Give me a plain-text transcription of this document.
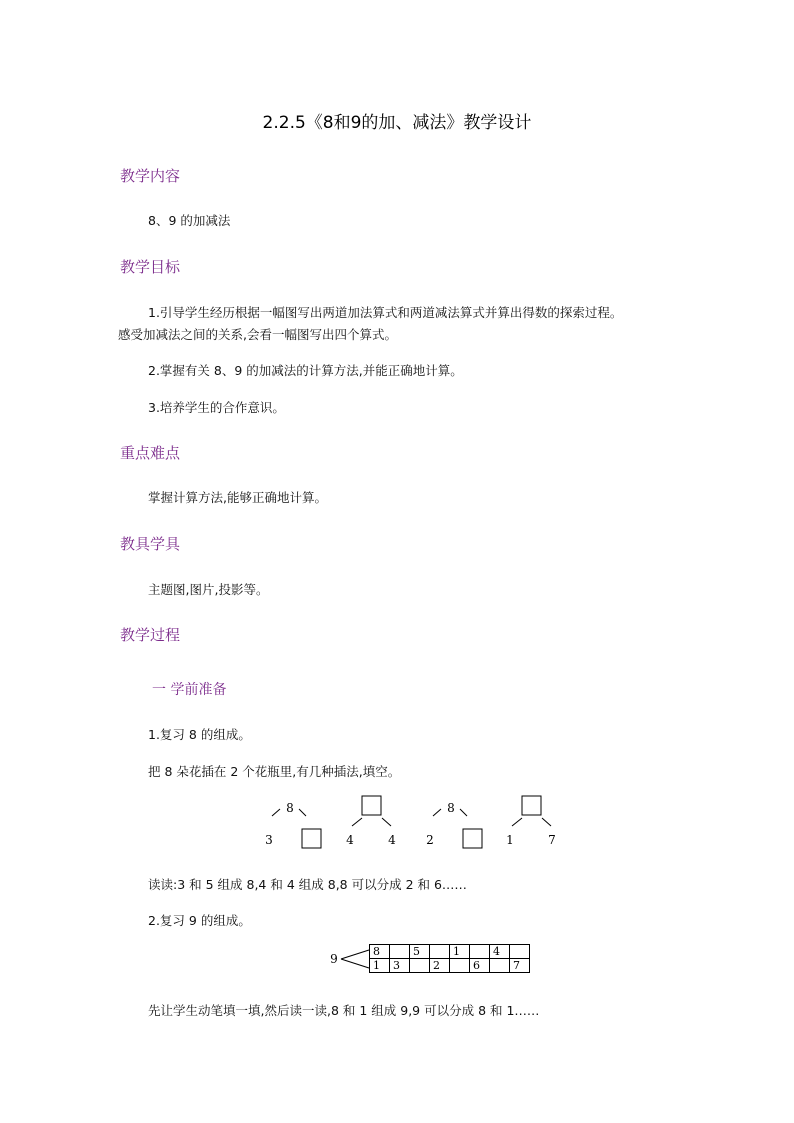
2.2.5《8和9的加、减法》教学设计
教学内容
8、9 的加减法
教学目标
1.引导学生经历根据一幅图写出两道加法算式和两道减法算式并算出得数的探索过程。
感受加减法之间的关系,会看一幅图写出四个算式。
2.掌握有关 8、9 的加减法的计算方法,并能正确地计算。
3.培养学生的合作意识。
重点难点
掌握计算方法,能够正确地计算。
教具学具
主题图,图片,投影等。
教学过程
一 学前准备
1.复习 8 的组成。
把 8 朵花插在 2 个花瓶里,有几种插法,填空。
8
3	4	4
8
2	1	7
读读:3 和 5 组成 8,4 和 4 组成 8,8 可以分成 2 和 6……
2.复习 9 的组成。
9
8		5		1		4	
1	3		2		6		7
先让学生动笔填一填,然后读一读,8 和 1 组成 9,9 可以分成 8 和 1……
